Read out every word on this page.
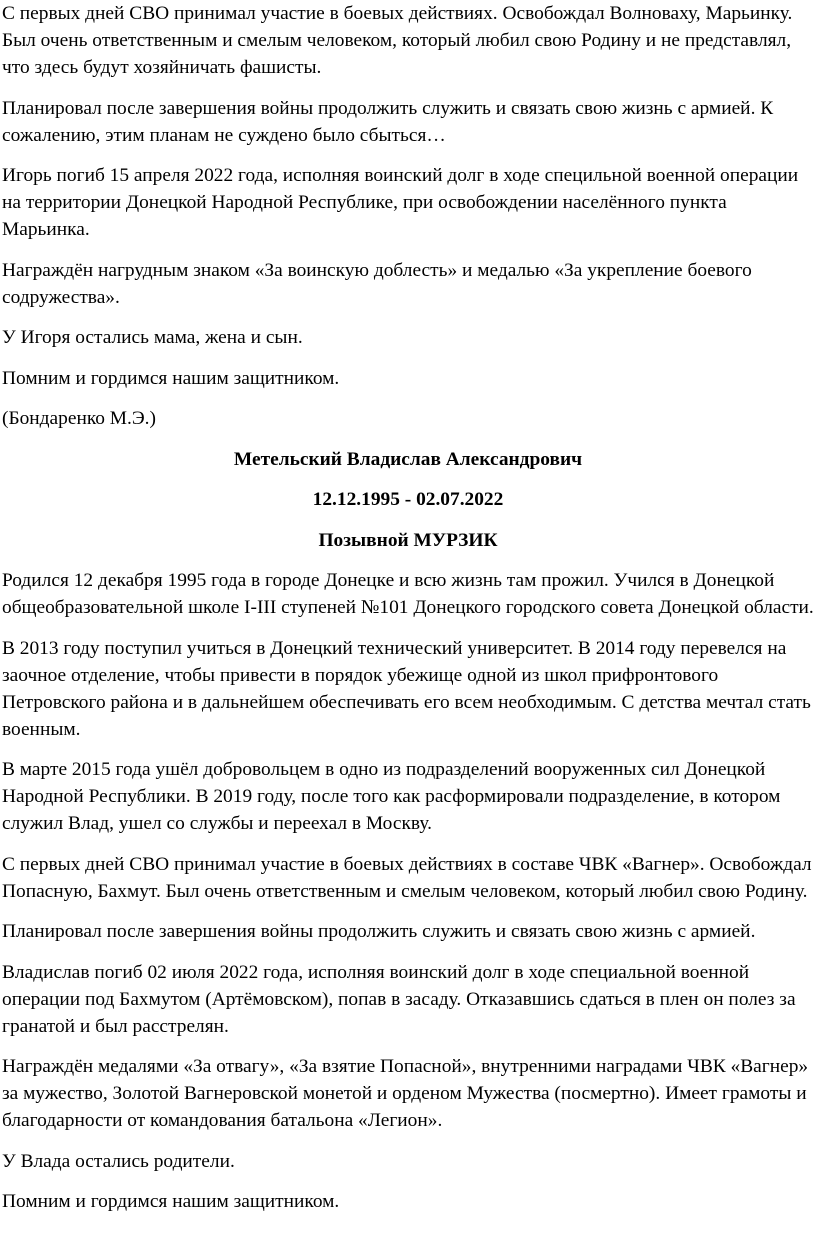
С первых дней СВО принимал участие в боевых действиях. Освобождал Волноваху, Марьинку. Был очень ответственным и смелым человеком, который любил свою Родину и не представлял, что здесь будут хозяйничать фашисты.

Планировал после завершения войны продолжить служить и связать свою жизнь с армией. К сожалению, этим планам не суждено было сбыться…

Игорь погиб 15 апреля 2022 года, исполняя воинский долг в ходе специльной военной операции на территории Донецкой Народной Республике, при освобождении населённого пункта Марьинка.

Награждён нагрудным знаком «За воинскую доблесть» и медалью «За укрепление боевого содружества».

У Игоря остались мама, жена и сын.

Помним и гордимся нашим защитником.

(Бондаренко М.Э.)

Метельский Владислав Александрович

12.12.1995 - 02.07.2022

Позывной МУРЗИК

Родился 12 декабря 1995 года в городе Донецке и всю жизнь там прожил. Учился в Донецкой общеобразовательной школе I-III ступеней №101 Донецкого городского совета Донецкой области.

В 2013 году поступил учиться в Донецкий технический университет. В 2014 году перевелся на заочное отделение, чтобы привести в порядок убежище одной из школ прифронтового Петровского района и в дальнейшем обеспечивать его всем необходимым. С детства мечтал стать военным.

В марте 2015 года ушёл добровольцем в одно из подразделений вооруженных сил Донецкой Народной Республики. В 2019 году, после того как расформировали подразделение, в котором служил Влад, ушел со службы и переехал в Москву.

С первых дней СВО принимал участие в боевых действиях в составе ЧВК «Вагнер». Освобождал Попасную, Бахмут. Был очень ответственным и смелым человеком, который любил свою Родину.

Планировал после завершения войны продолжить служить и связать свою жизнь с армией.

Владислав погиб 02 июля 2022 года, исполняя воинский долг в ходе специальной военной операции под Бахмутом (Артёмовском), попав в засаду. Отказавшись сдаться в плен он полез за гранатой и был расстрелян.

Награждён медалями «За отвагу», «За взятие Попасной», внутренними наградами ЧВК «Вагнер» за мужество, Золотой Вагнеровской монетой и орденом Мужества (посмертно). Имеет грамоты и благодарности от командования батальона «Легион».

У Влада остались родители.

Помним и гордимся нашим защитником.
